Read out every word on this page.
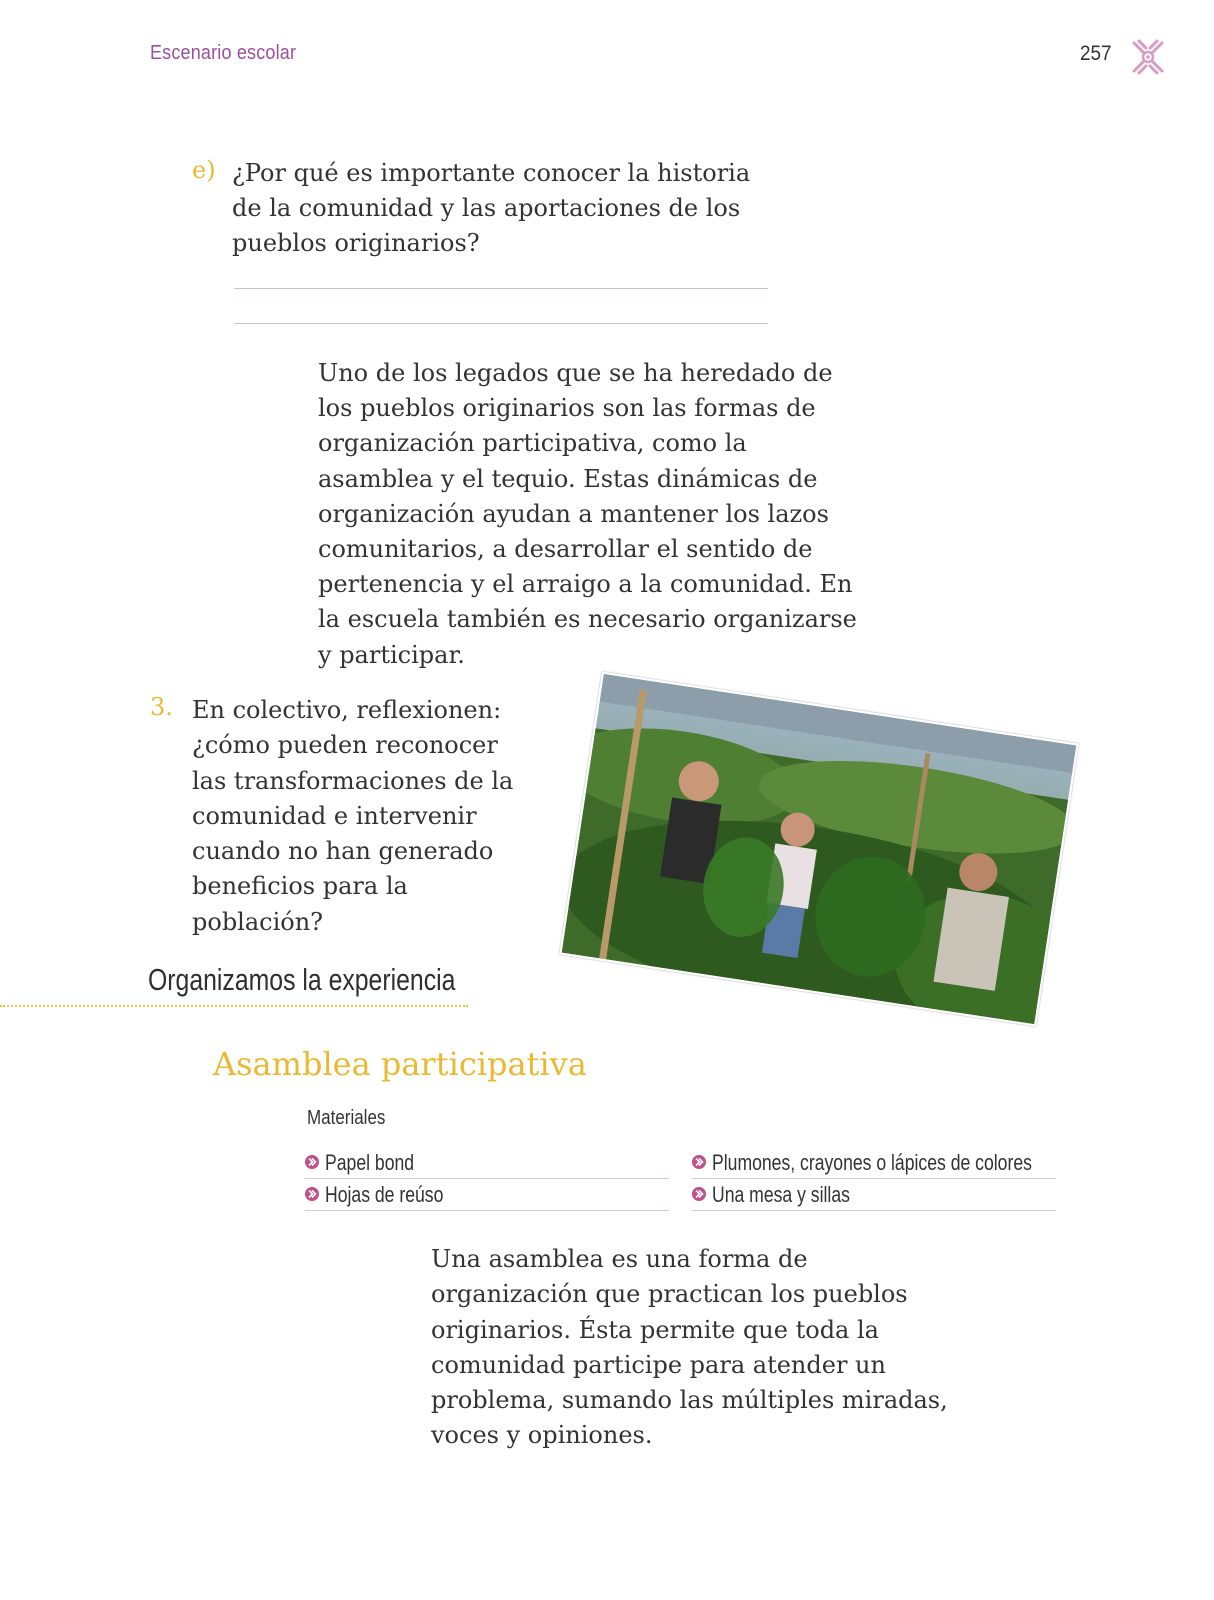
Escenario escolar	257
e) ¿Por qué es importante conocer la historia de la comunidad y las aportaciones de los pueblos originarios?
Uno de los legados que se ha heredado de los pueblos originarios son las formas de organización participativa, como la asamblea y el tequio. Estas dinámicas de organización ayudan a mantener los lazos comunitarios, a desarrollar el sentido de pertenencia y el arraigo a la comunidad. En la escuela también es necesario organizarse y participar.
3. En colectivo, reflexionen: ¿cómo pueden reconocer las transformaciones de la comunidad e intervenir cuando no han generado beneficios para la población?
Organizamos la experiencia
Asamblea participativa
Materiales
Papel bond	Plumones, crayones o lápices de colores
Hojas de reúso	Una mesa y sillas
Una asamblea es una forma de organización que practican los pueblos originarios. Ésta permite que toda la comunidad participe para atender un problema, sumando las múltiples miradas, voces y opiniones.
